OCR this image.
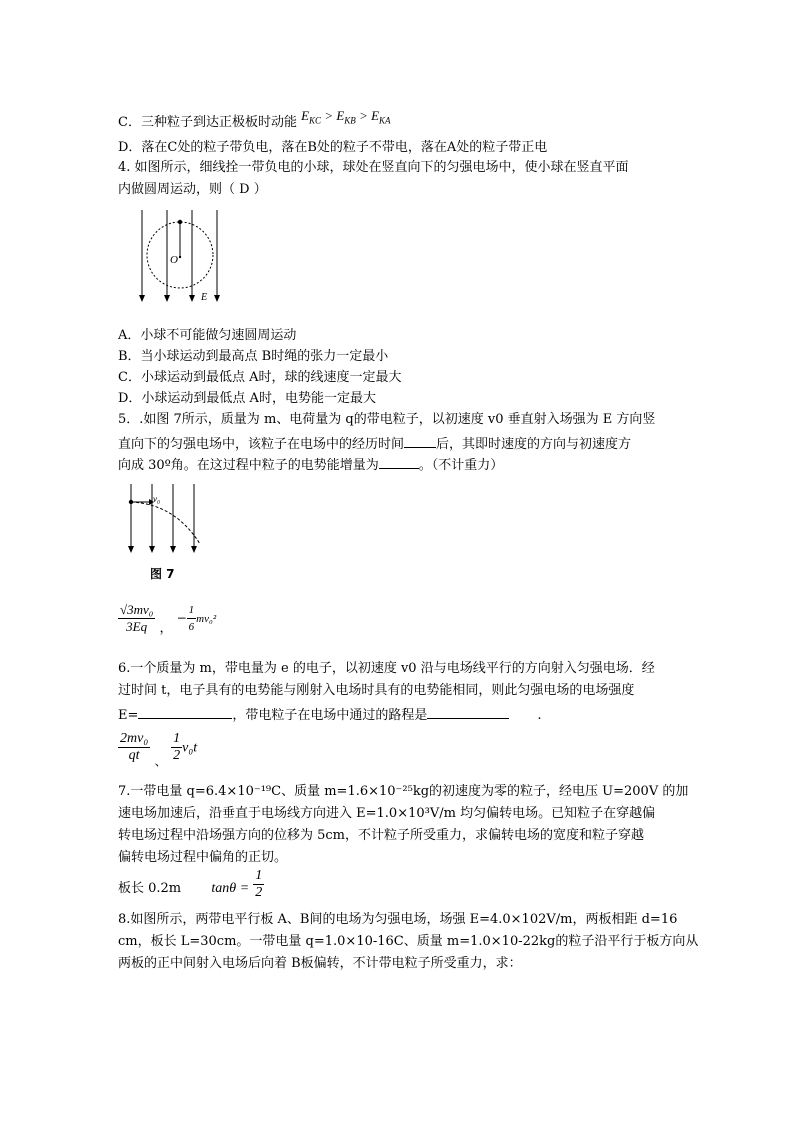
C．三种粒子到达正极板时动能 $E_{KC} > E_{KB} > E_{KA}$
D．落在C处的粒子带负电，落在B处的粒子不带电，落在A处的粒子带正电
4. 如图所示，细线拴一带负电的小球，球处在竖直向下的匀强电场中，使小球在竖直平面
内做圆周运动，则（ D ）
O
E
A．小球不可能做匀速圆周运动
B．当小球运动到最高点 B时绳的张力一定最小
C．小球运动到最低点 A时，球的线速度一定最大
D．小球运动到最低点 A时，电势能一定最大
5．.如图 7所示，质量为 m、电荷量为 q的带电粒子，以初速度 v0 垂直射入场强为 E 方向竖
直向下的匀强电场中，该粒子在电场中的经历时间 后，其即时速度的方向与初速度方
向成 30º角。在这过程中粒子的电势能增量为	。（不计重力）
v₀
图 7
$\frac{\text{√3mv₀}}{3Eq}$ ， − $\frac{1}{6} mv_0^2$
6.一个质量为 m，带电量为 e 的电子，以初速度 v0 沿与电场线平行的方向射入匀强电场．经
过时间 t，电子具有的电势能与刚射入电场时具有的电势能相同，则此匀强电场的电场强度
E=	，带电粒子在电场中通过的路程是	.
$\frac{\text{2mv₀}}{qt}$ 、 $\frac{1}{2} v_0t$
7.一带电量 q=6.4×10⁻¹⁹C、质量 m=1.6×10⁻²⁵kg的初速度为零的粒子，经电压 U=200V 的加
速电场加速后，沿垂直于电场线方向进入 E=1.0×10³V/m 均匀偏转电场。已知粒子在穿越偏
转电场过程中沿场强方向的位移为 5cm，不计粒子所受重力，求偏转电场的宽度和粒子穿越
偏转电场过程中偏角的正切。
板长 0.2m $\tan\theta = \frac{1}{2}$
8.如图所示，两带电平行板 A、B间的电场为匀强电场，场强 E=4.0×102V/m，两板相距 d=16
cm，板长 L=30cm。一带电量 q=1.0×10-16C、质量 m=1.0×10-22kg的粒子沿平行于板方向从
两板的正中间射入电场后向着 B板偏转，不计带电粒子所受重力，求：
